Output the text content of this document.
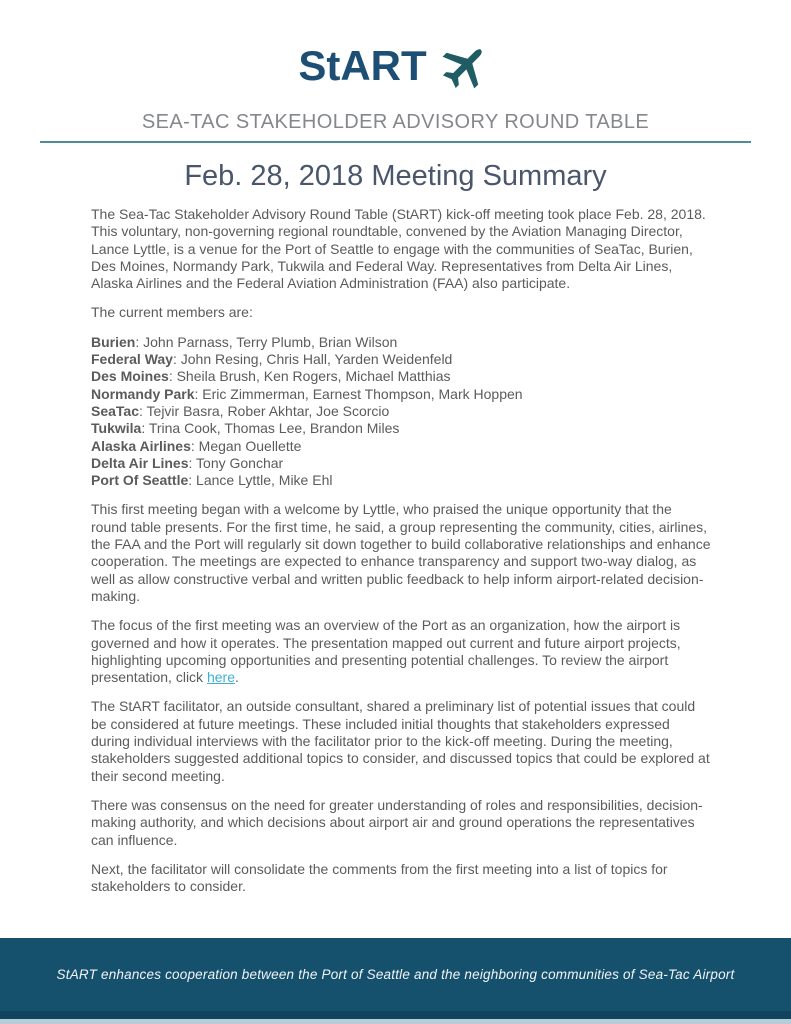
StART
SEA-TAC STAKEHOLDER ADVISORY ROUND TABLE
Feb. 28, 2018 Meeting Summary

The Sea-Tac Stakeholder Advisory Round Table (StART) kick-off meeting took place Feb. 28, 2018. This voluntary, non-governing regional roundtable, convened by the Aviation Managing Director, Lance Lyttle, is a venue for the Port of Seattle to engage with the communities of SeaTac, Burien, Des Moines, Normandy Park, Tukwila and Federal Way. Representatives from Delta Air Lines, Alaska Airlines and the Federal Aviation Administration (FAA) also participate.

The current members are:

Burien: John Parnass, Terry Plumb, Brian Wilson
Federal Way: John Resing, Chris Hall, Yarden Weidenfeld
Des Moines: Sheila Brush, Ken Rogers, Michael Matthias
Normandy Park: Eric Zimmerman, Earnest Thompson, Mark Hoppen
SeaTac: Tejvir Basra, Rober Akhtar, Joe Scorcio
Tukwila: Trina Cook, Thomas Lee, Brandon Miles
Alaska Airlines: Megan Ouellette
Delta Air Lines: Tony Gonchar
Port Of Seattle: Lance Lyttle, Mike Ehl

This first meeting began with a welcome by Lyttle, who praised the unique opportunity that the round table presents. For the first time, he said, a group representing the community, cities, airlines, the FAA and the Port will regularly sit down together to build collaborative relationships and enhance cooperation. The meetings are expected to enhance transparency and support two-way dialog, as well as allow constructive verbal and written public feedback to help inform airport-related decision-making.

The focus of the first meeting was an overview of the Port as an organization, how the airport is governed and how it operates. The presentation mapped out current and future airport projects, highlighting upcoming opportunities and presenting potential challenges. To review the airport presentation, click here.

The StART facilitator, an outside consultant, shared a preliminary list of potential issues that could be considered at future meetings. These included initial thoughts that stakeholders expressed during individual interviews with the facilitator prior to the kick-off meeting. During the meeting, stakeholders suggested additional topics to consider, and discussed topics that could be explored at their second meeting.

There was consensus on the need for greater understanding of roles and responsibilities, decision-making authority, and which decisions about airport air and ground operations the representatives can influence.

Next, the facilitator will consolidate the comments from the first meeting into a list of topics for stakeholders to consider.

StART enhances cooperation between the Port of Seattle and the neighboring communities of Sea-Tac Airport
